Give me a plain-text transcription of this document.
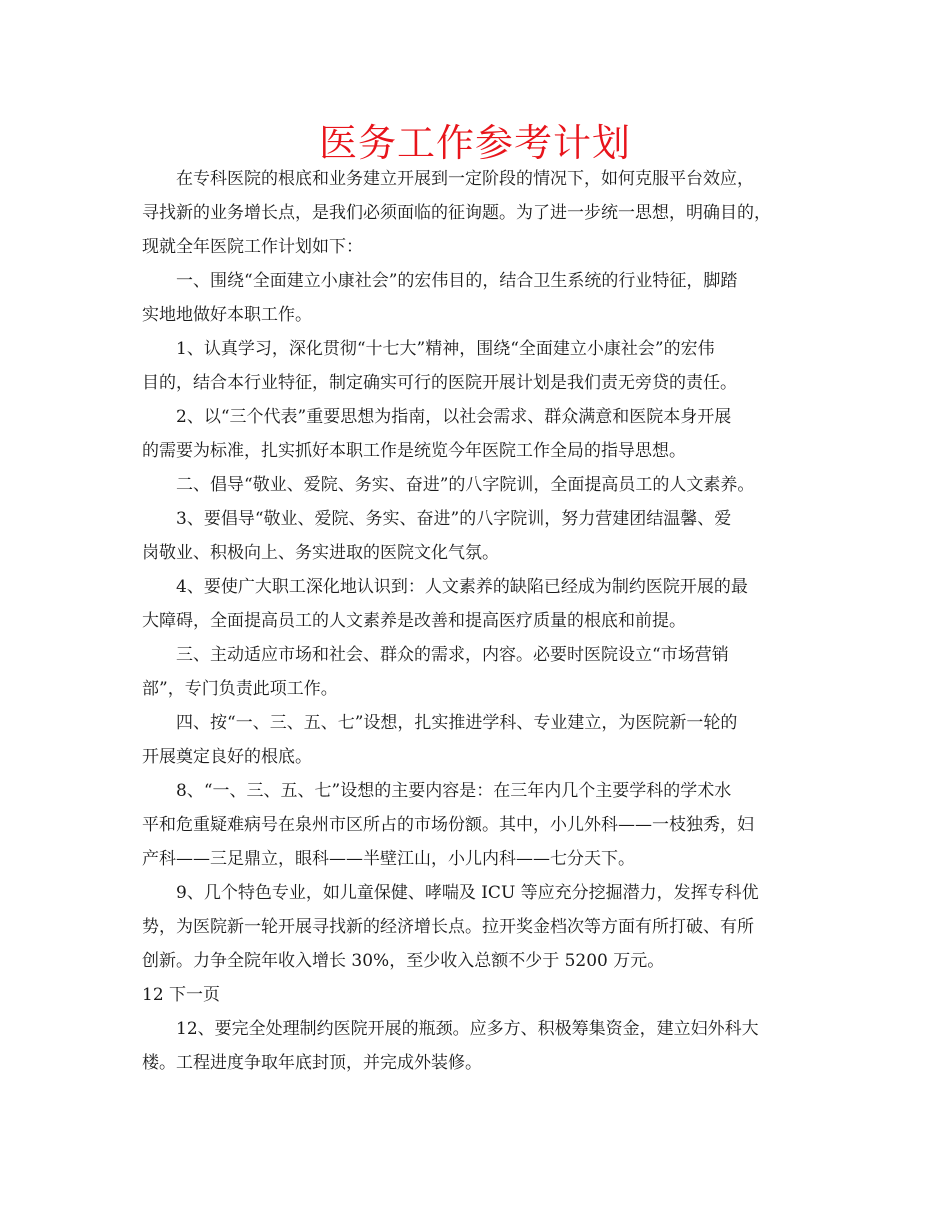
医务工作参考计划
在专科医院的根底和业务建立开展到一定阶段的情况下，如何克服平台效应，
寻找新的业务增长点，是我们必须面临的征询题。为了进一步统一思想，明确目的，
现就全年医院工作计划如下：
一、围绕“全面建立小康社会”的宏伟目的，结合卫生系统的行业特征，脚踏
实地地做好本职工作。
1、认真学习，深化贯彻“十七大”精神，围绕“全面建立小康社会”的宏伟
目的，结合本行业特征，制定确实可行的医院开展计划是我们责无旁贷的责任。
2、以“三个代表”重要思想为指南，以社会需求、群众满意和医院本身开展
的需要为标准，扎实抓好本职工作是统览今年医院工作全局的指导思想。
二、倡导“敬业、爱院、务实、奋进”的八字院训，全面提高员工的人文素养。
3、要倡导“敬业、爱院、务实、奋进”的八字院训，努力营建团结温馨、爱
岗敬业、积极向上、务实进取的医院文化气氛。
4、要使广大职工深化地认识到：人文素养的缺陷已经成为制约医院开展的最
大障碍，全面提高员工的人文素养是改善和提高医疗质量的根底和前提。
三、主动适应市场和社会、群众的需求，内容。必要时医院设立“市场营销
部”，专门负责此项工作。
四、按“一、三、五、七”设想，扎实推进学科、专业建立，为医院新一轮的
开展奠定良好的根底。
8、“一、三、五、七”设想的主要内容是：在三年内几个主要学科的学术水
平和危重疑难病号在泉州市区所占的市场份额。其中，小儿外科——一枝独秀，妇
产科——三足鼎立，眼科——半壁江山，小儿内科——七分天下。
9、几个特色专业，如儿童保健、哮喘及 ICU 等应充分挖掘潜力，发挥专科优
势，为医院新一轮开展寻找新的经济增长点。拉开奖金档次等方面有所打破、有所
创新。力争全院年收入增长 30%，至少收入总额不少于 5200 万元。
12 下一页
12、要完全处理制约医院开展的瓶颈。应多方、积极筹集资金，建立妇外科大
楼。工程进度争取年底封顶，并完成外装修。
